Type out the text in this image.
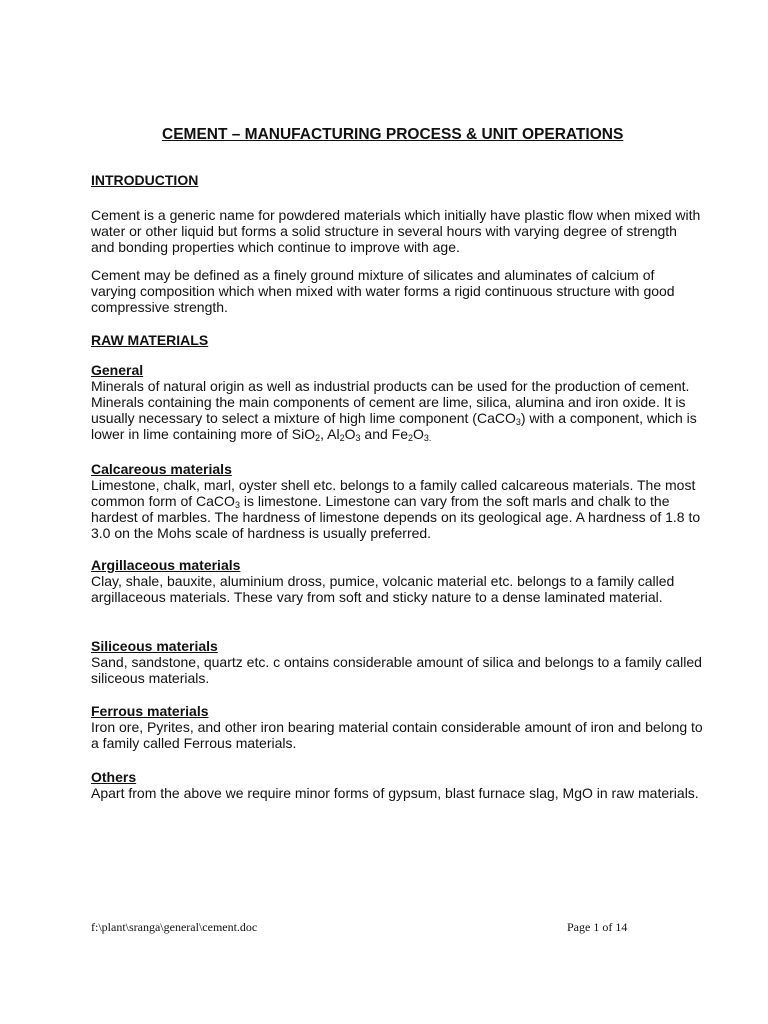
CEMENT – MANUFACTURING PROCESS & UNIT OPERATIONS
INTRODUCTION

Cement is a generic name for powdered materials which initially have plastic flow when mixed with water or other liquid but forms a solid structure in several hours with varying degree of strength and bonding properties which continue to improve with age.

Cement may be defined as a finely ground mixture of silicates and aluminates of calcium of varying composition which when mixed with water forms a rigid continuous structure with good compressive strength.

RAW MATERIALS
General
Minerals of natural origin as well as industrial products can be used for the production of cement. Minerals containing the main components of cement are lime, silica, alumina and iron oxide. It is usually necessary to select a mixture of high lime component (CaCO$_3$) with a component, which is lower in lime containing more of SiO$_2$, $Al_2O_3$ and $Fe_2O_{3.}$
Calcareous materials
Limestone, chalk, marl, oyster shell etc. belongs to a family called calcareous materials. The most common form of CaCO$_3$ is limestone. Limestone can vary from the soft marls and chalk to the hardest of marbles. The hardness of limestone depends on its geological age. A hardness of 1.8 to 3.0 on the Mohs scale of hardness is usually preferred.
Argillaceous materials
Clay, shale, bauxite, aluminium dross, pumice, volcanic material etc. belongs to a family called argillaceous materials. These vary from soft and sticky nature to a dense laminated material.
Siliceous materials
Sand, sandstone, quartz etc. c ontains considerable amount of silica and belongs to a family called siliceous materials.
Ferrous materials
Iron ore, Pyrites, and other iron bearing material contain considerable amount of iron and belong to a family called Ferrous materials.
Others
Apart from the above we require minor forms of gypsum, blast furnace slag, MgO in raw materials.

f:\plant\sranga\general\cement.doc	Page 1 of 14
